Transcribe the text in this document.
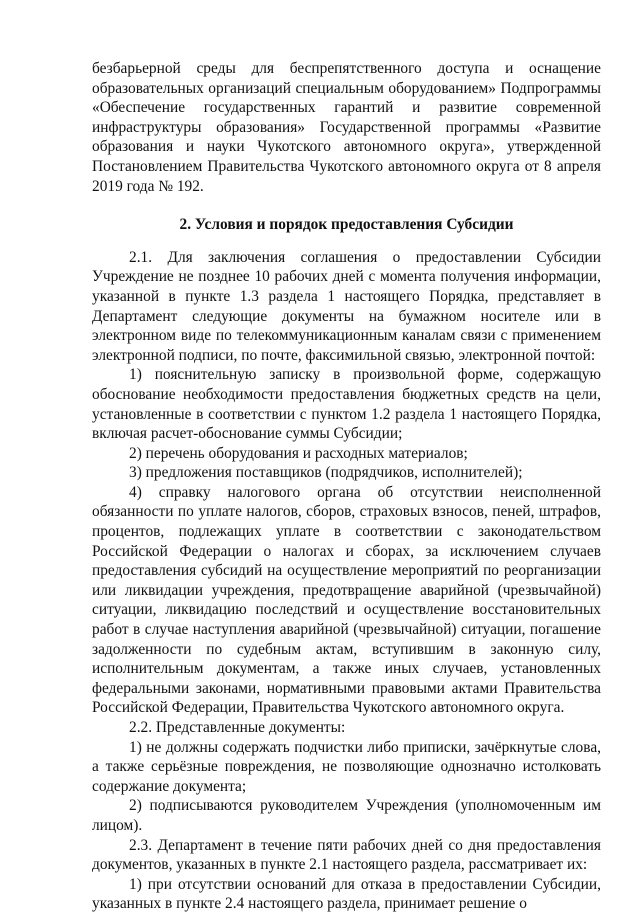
безбарьерной среды для беспрепятственного доступа и оснащение образовательных организаций специальным оборудованием» Подпрограммы «Обеспечение государственных гарантий и развитие современной инфраструктуры образования» Государственной программы «Развитие образования и науки Чукотского автономного округа», утвержденной Постановлением Правительства Чукотского автономного округа от 8 апреля 2019 года № 192.

2. Условия и порядок предоставления Субсидии

2.1. Для заключения соглашения о предоставлении Субсидии Учреждение не позднее 10 рабочих дней с момента получения информации, указанной в пункте 1.3 раздела 1 настоящего Порядка, представляет в Департамент следующие документы на бумажном носителе или в электронном виде по телекоммуникационным каналам связи с применением электронной подписи, по почте, факсимильной связью, электронной почтой:

1) пояснительную записку в произвольной форме, содержащую обоснование необходимости предоставления бюджетных средств на цели, установленные в соответствии с пунктом 1.2 раздела 1 настоящего Порядка, включая расчет-обоснование суммы Субсидии;

2) перечень оборудования и расходных материалов;

3) предложения поставщиков (подрядчиков, исполнителей);

4) справку налогового органа об отсутствии неисполненной обязанности по уплате налогов, сборов, страховых взносов, пеней, штрафов, процентов, подлежащих уплате в соответствии с законодательством Российской Федерации о налогах и сборах, за исключением случаев предоставления субсидий на осуществление мероприятий по реорганизации или ликвидации учреждения, предотвращение аварийной (чрезвычайной) ситуации, ликвидацию последствий и осуществление восстановительных работ в случае наступления аварийной (чрезвычайной) ситуации, погашение задолженности по судебным актам, вступившим в законную силу, исполнительным документам, а также иных случаев, установленных федеральными законами, нормативными правовыми актами Правительства Российской Федерации, Правительства Чукотского автономного округа.

2.2. Представленные документы:

1) не должны содержать подчистки либо приписки, зачёркнутые слова, а также серьёзные повреждения, не позволяющие однозначно истолковать содержание документа;

2) подписываются руководителем Учреждения (уполномоченным им лицом).

2.3. Департамент в течение пяти рабочих дней со дня предоставления документов, указанных в пункте 2.1 настоящего раздела, рассматривает их:

1) при отсутствии оснований для отказа в предоставлении Субсидии, указанных в пункте 2.4 настоящего раздела, принимает решение о
